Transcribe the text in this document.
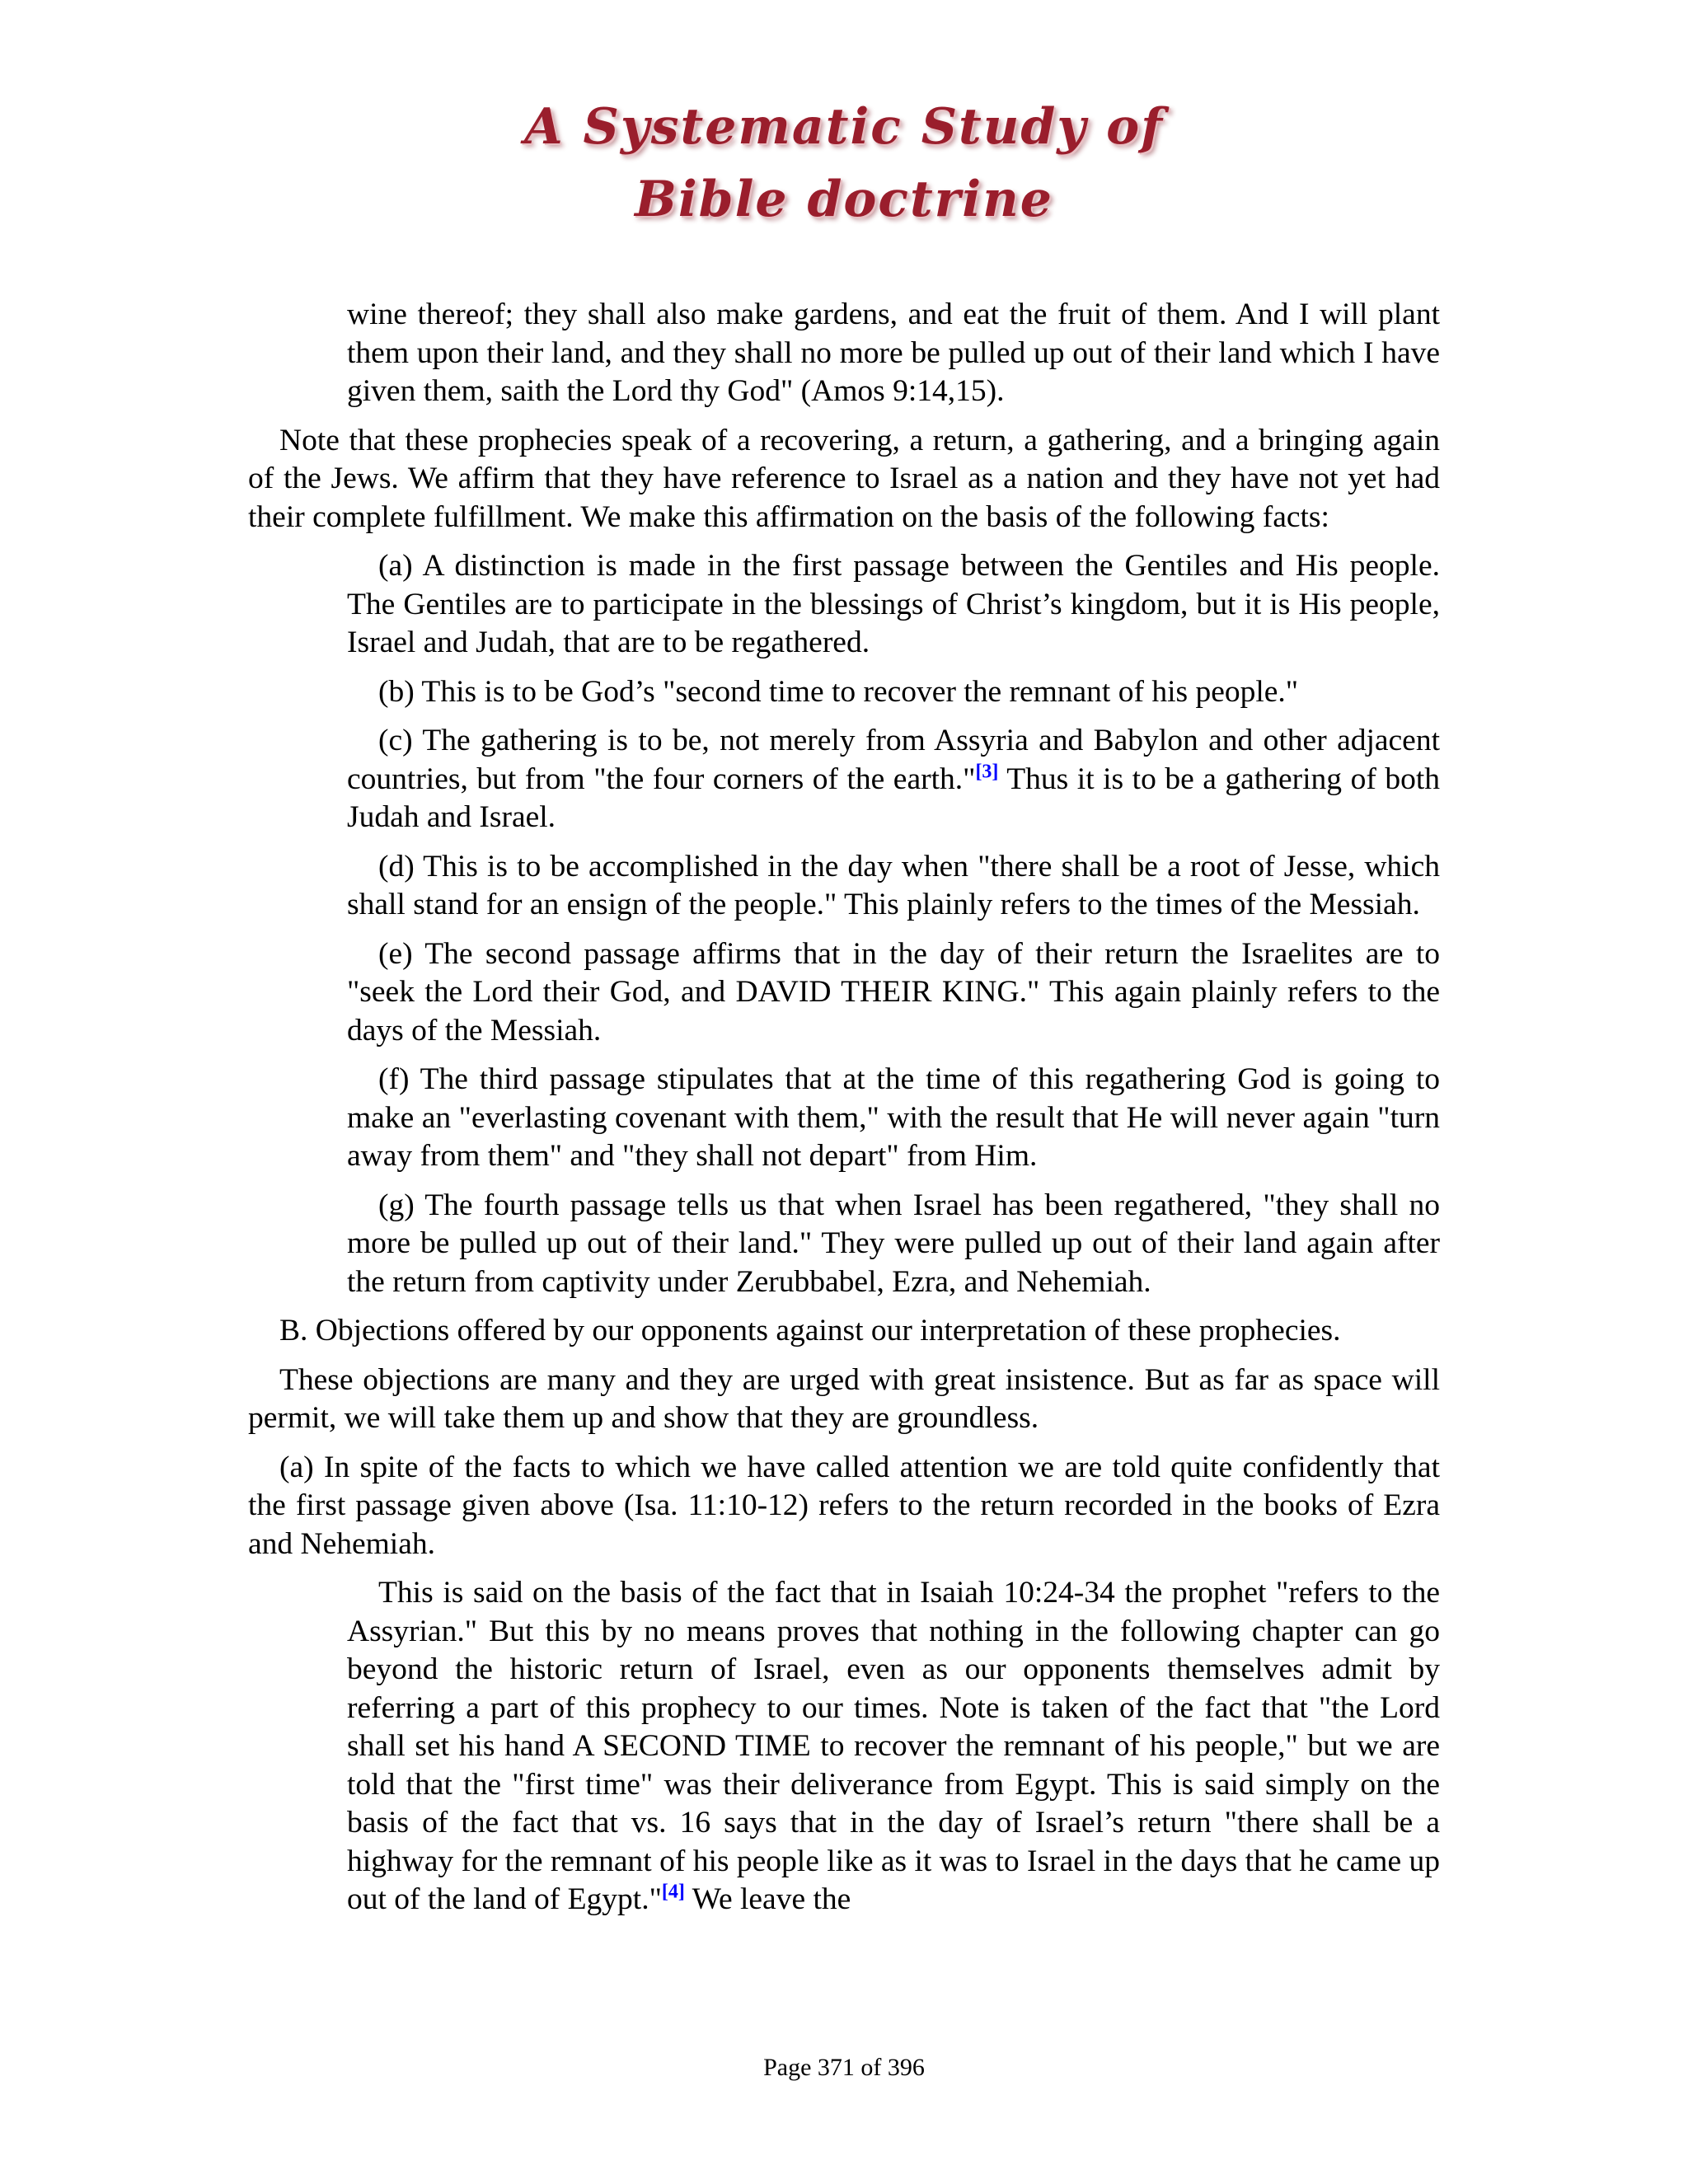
A Systematic Study of
Bible doctrine

wine thereof; they shall also make gardens, and eat the fruit of them. And I will plant them upon their land, and they shall no more be pulled up out of their land which I have given them, saith the Lord thy God" (Amos 9:14,15).

Note that these prophecies speak of a recovering, a return, a gathering, and a bringing again of the Jews. We affirm that they have reference to Israel as a nation and they have not yet had their complete fulfillment. We make this affirmation on the basis of the following facts:

(a) A distinction is made in the first passage between the Gentiles and His people. The Gentiles are to participate in the blessings of Christ’s kingdom, but it is His people, Israel and Judah, that are to be regathered.

(b) This is to be God’s "second time to recover the remnant of his people."

(c) The gathering is to be, not merely from Assyria and Babylon and other adjacent countries, but from "the four corners of the earth."[3] Thus it is to be a gathering of both Judah and Israel.

(d) This is to be accomplished in the day when "there shall be a root of Jesse, which shall stand for an ensign of the people." This plainly refers to the times of the Messiah.

(e) The second passage affirms that in the day of their return the Israelites are to "seek the Lord their God, and DAVID THEIR KING." This again plainly refers to the days of the Messiah.

(f) The third passage stipulates that at the time of this regathering God is going to make an "everlasting covenant with them," with the result that He will never again "turn away from them" and "they shall not depart" from Him.

(g) The fourth passage tells us that when Israel has been regathered, "they shall no more be pulled up out of their land." They were pulled up out of their land again after the return from captivity under Zerubbabel, Ezra, and Nehemiah.

B. Objections offered by our opponents against our interpretation of these prophecies.

These objections are many and they are urged with great insistence. But as far as space will permit, we will take them up and show that they are groundless.

(a) In spite of the facts to which we have called attention we are told quite confidently that the first passage given above (Isa. 11:10-12) refers to the return recorded in the books of Ezra and Nehemiah.

This is said on the basis of the fact that in Isaiah 10:24-34 the prophet "refers to the Assyrian." But this by no means proves that nothing in the following chapter can go beyond the historic return of Israel, even as our opponents themselves admit by referring a part of this prophecy to our times. Note is taken of the fact that "the Lord shall set his hand A SECOND TIME to recover the remnant of his people," but we are told that the "first time" was their deliverance from Egypt. This is said simply on the basis of the fact that vs. 16 says that in the day of Israel’s return "there shall be a highway for the remnant of his people like as it was to Israel in the days that he came up out of the land of Egypt."[4] We leave the

Page 371 of 396
